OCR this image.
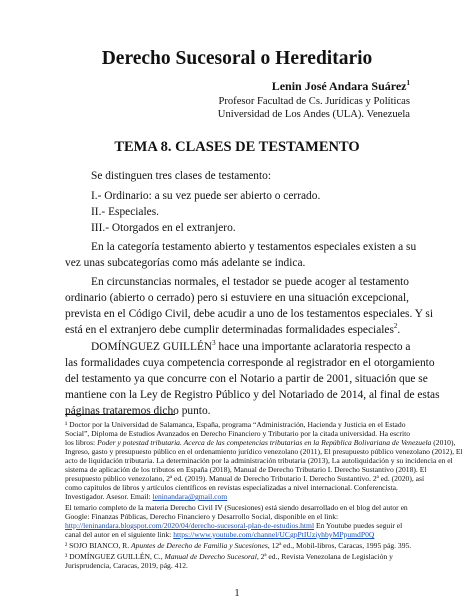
Derecho Sucesoral o Hereditario
Lenin José Andara Suárez$^1$
Profesor Facultad de Cs. Jurídicas y Políticas
Universidad de Los Andes (ULA). Venezuela
TEMA 8. CLASES DE TESTAMENTO
Se distinguen tres clases de testamento:
I.- Ordinario: a su vez puede ser abierto o cerrado.
II.- Especiales.
III.- Otorgados en el extranjero.
En la categoría testamento abierto y testamentos especiales existen a su
vez unas subcategorías como más adelante se indica.
En circunstancias normales, el testador se puede acoger al testamento
ordinario (abierto o cerrado) pero si estuviere en una situación excepcional,
prevista en el Código Civil, debe acudir a uno de los testamentos especiales. Y si
está en el extranjero debe cumplir determinadas formalidades especiales$^2$.
DOMÍNGUEZ GUILLÉN$^3$ hace una importante aclaratoria respecto a
las formalidades cuya competencia corresponde al registrador en el otorgamiento
del testamento ya que concurre con el Notario a partir de 2001, situación que se
mantiene con la Ley de Registro Público y del Notariado de 2014, al final de estas
páginas trataremos dicho punto.
¹ Doctor por la Universidad de Salamanca, España, programa “Administración, Hacienda y Justicia en el Estado
Social”, Diploma de Estudios Avanzados en Derecho Financiero y Tributario por la citada universidad. Ha escrito
los libros: Poder y potestad tributaria. Acerca de las competencias tributarias en la República Bolivariana de Venezuela (2010),
Ingreso, gasto y presupuesto público en el ordenamiento jurídico venezolano (2011), El presupuesto público venezolano (2012), El
acto de liquidación tributaria. La determinación por la administración tributaria (2013), La autoliquidación y su incidencia en el
sistema de aplicación de los tributos en España (2018), Manual de Derecho Tributario I. Derecho Sustantivo (2018). El
presupuesto público venezolano, 2ª ed. (2019). Manual de Derecho Tributario I. Derecho Sustantivo. 2ª ed. (2020), así
como capítulos de libros y artículos científicos en revistas especializadas a nivel internacional. Conferencista.
Investigador. Asesor. Email: leninandara@gmail.com
El temario completo de la materia Derecho Civil IV (Sucesiones) está siendo desarrollado en el blog del autor en
Google: Finanzas Públicas, Derecho Financiero y Desarrollo Social, disponible en el link:
http://leninandara.blogspot.com/2020/04/derecho-sucesoral-plan-de-estudios.html En Youtube puedes seguir el
canal del autor en el siguiente link: https://www.youtube.com/channel/UCgpPtIUziyhbyMPpumdP0Q
² SOJO BIANCO, R. Apuntes de Derecho de Familia y Sucesiones, 12ª ed., Mobil-libros, Caracas, 1995 pág. 395.
³ DOMÍNGUEZ GUILLÉN, C., Manual de Derecho Sucesoral, 2ª ed., Revista Venezolana de Legislación y
Jurisprudencia, Caracas, 2019, pág. 412.
1
